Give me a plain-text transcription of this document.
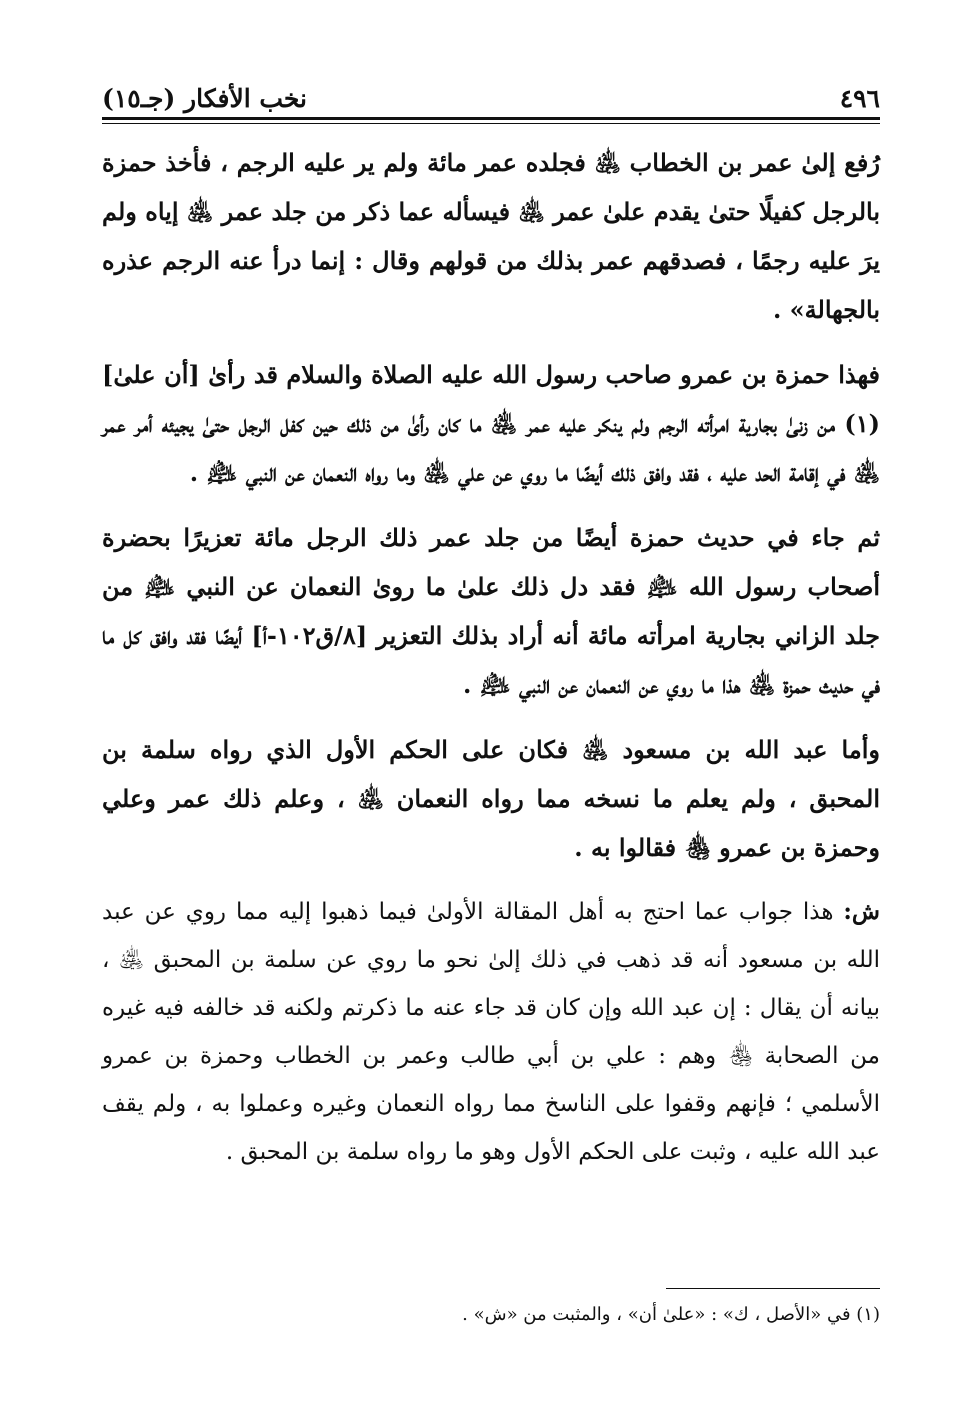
٤٩٦
نخب الأفكار (جـ١٥)

رُفع إلىٰ عمر بن الخطاب ﵁ فجلده عمر مائة ولم ير عليه الرجم ، فأخذ حمزة بالرجل كفيلًا حتىٰ يقدم علىٰ عمر ﵁ فيسأله عما ذكر من جلد عمر ﵁ إياه ولم يرَ عليه رجمًا ، فصدقهم عمر بذلك من قولهم وقال : إنما درأ عنه الرجم عذره بالجهالة» .

فهذا حمزة بن عمرو صاحب رسول الله عليه الصلاة والسلام قد رأىٰ [أن علىٰ](١) من زنىٰ بجارية امرأته الرجم ولم ينكر عليه عمر ﵁ ما كان رأىٰ من ذلك حين كفل الرجل حتىٰ يجيئه أمر عمر ﵁ في إقامة الحد عليه ، فقد وافق ذلك أيضًا ما روي عن علي ﵁ وما رواه النعمان عن النبي ﵇ .

ثم جاء في حديث حمزة أيضًا من جلد عمر ذلك الرجل مائة تعزيرًا بحضرة أصحاب رسول الله ﵇ فقد دل ذلك علىٰ ما روىٰ النعمان عن النبي ﵇ من جلد الزاني بجارية امرأته مائة أنه أراد بذلك التعزير [٨/ق١٠٢-أ] أيضًا فقد وافق كل ما في حديث حمزة ﵁ هذا ما روي عن النعمان عن النبي ﵇ .

وأما عبد الله بن مسعود ﵁ فكان على الحكم الأول الذي رواه سلمة بن المحبق ، ولم يعلم ما نسخه مما رواه النعمان ﵁ ، وعلم ذلك عمر وعلي وحمزة بن عمرو ﵃ فقالوا به .

ش: هذا جواب عما احتج به أهل المقالة الأولىٰ فيما ذهبوا إليه مما روي عن عبد الله بن مسعود أنه قد ذهب في ذلك إلىٰ نحو ما روي عن سلمة بن المحبق ﵁ ، بيانه أن يقال : إن عبد الله وإن كان قد جاء عنه ما ذكرتم ولكنه قد خالفه فيه غيره من الصحابة ﵃ وهم : علي بن أبي طالب وعمر بن الخطاب وحمزة بن عمرو الأسلمي ؛ فإنهم وقفوا على الناسخ مما رواه النعمان وغيره وعملوا به ، ولم يقف عبد الله عليه ، وثبت على الحكم الأول وهو ما رواه سلمة بن المحبق .

(١) في «الأصل ، ك» : «علىٰ أن» ، والمثبت من «ش» .
